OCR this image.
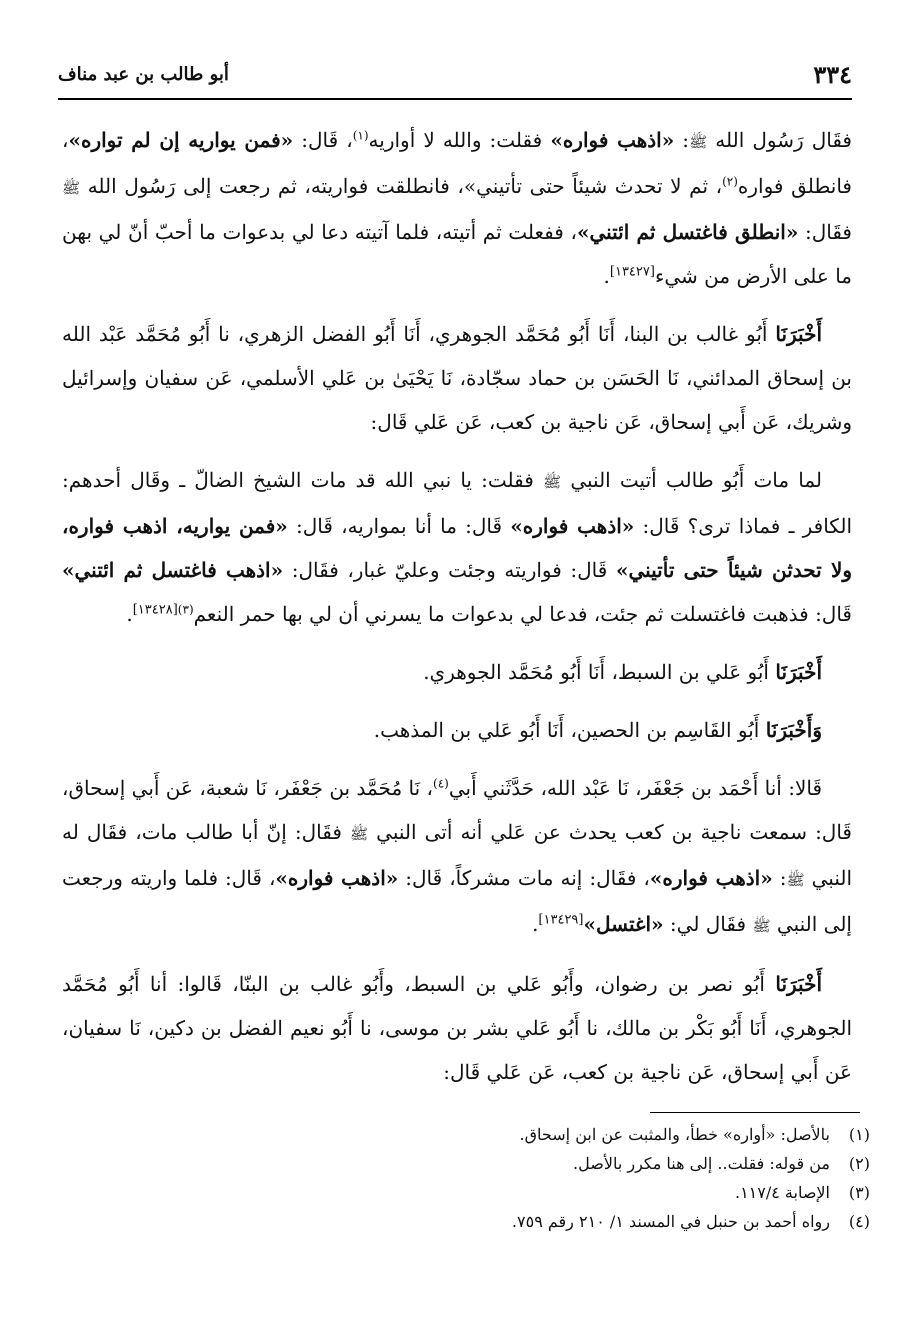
٣٣٤
أبو طالب بن عبد مناف

فقَال رَسُول الله ﷺ: «اذهب فواره» فقلت: والله لا أواريه$^{(١)}$، قَال: «فمن يواريه إن لم تواره»، فانطلق فواره$^{(٢)}$، ثم لا تحدث شيئاً حتى تأتيني»، فانطلقت فواريته، ثم رجعت إلى رَسُول الله ﷺ فقَال: «انطلق فاغتسل ثم ائتني»، ففعلت ثم أتيته، فلما آتيته دعا لي بدعوات ما أحبّ أنّ لي بهن ما على الأرض من شيء[١٣٤٢٧].

أَخْبَرَنَا أَبُو غالب بن البنا، أَنَا أَبُو مُحَمَّد الجوهري، أَنَا أَبُو الفضل الزهري، نا أَبُو مُحَمَّد عَبْد الله بن إسحاق المدائني، نَا الحَسَن بن حماد سجّادة، نَا يَحْيَىٰ بن عَلي الأسلمي، عَن سفيان وإسرائيل وشريك، عَن أَبي إسحاق، عَن ناجية بن كعب، عَن عَلي قَال:

لما مات أَبُو طالب أتيت النبي ﷺ فقلت: يا نبي الله قد مات الشيخ الضالّ ـ وقَال أحدهم: الكافر ـ فماذا ترى؟ قَال: «اذهب فواره» قَال: ما أنا بمواريه، قَال: «فمن يواريه، اذهب فواره، ولا تحدثن شيئاً حتى تأتيني» قَال: فواريته وجئت وعليّ غبار، فقَال: «اذهب فاغتسل ثم ائتني» قَال: فذهبت فاغتسلت ثم جئت، فدعا لي بدعوات ما يسرني أن لي بها حمر النعم$^{(٣)[١٣٤٢٨]}$.

أَخْبَرَنَا أَبُو عَلي بن السبط، أَنَا أَبُو مُحَمَّد الجوهري.

وَأَخْبَرَنَا أَبُو القَاسِم بن الحصين، أَنَا أَبُو عَلي بن المذهب.

قَالا: أنا أَحْمَد بن جَعْفَر، نَا عَبْد الله، حَدَّثَني أَبي$^{(٤)}$، نَا مُحَمَّد بن جَعْفَر، نَا شعبة، عَن أَبي إسحاق، قَال: سمعت ناجية بن كعب يحدث عن عَلي أنه أتى النبي ﷺ فقَال: إنّ أبا طالب مات، فقَال له النبي ﷺ: «اذهب فواره»، فقَال: إنه مات مشركاً، قَال: «اذهب فواره»، قَال: فلما واريته ورجعت إلى النبي ﷺ فقَال لي: «اغتسل»[١٣٤٢٩].

أَخْبَرَنَا أَبُو نصر بن رضوان، وأَبُو عَلي بن السبط، وأَبُو غالب بن البنّا، قَالوا: أنا أَبُو مُحَمَّد الجوهري، أَنَا أَبُو بَكْر بن مالك، نا أَبُو عَلي بشر بن موسى، نا أَبُو نعيم الفضل بن دكين، نَا سفيان، عَن أَبي إسحاق، عَن ناجية بن كعب، عَن عَلي قَال:

(١)بالأصل: «أواره» خطأ، والمثبت عن ابن إسحاق.
(٢)من قوله: فقلت.. إلى هنا مكرر بالأصل.
(٣)الإصابة ١١٧/٤.
(٤)رواه أحمد بن حنبل في المسند ١/ ٢١٠ رقم ٧٥٩.
